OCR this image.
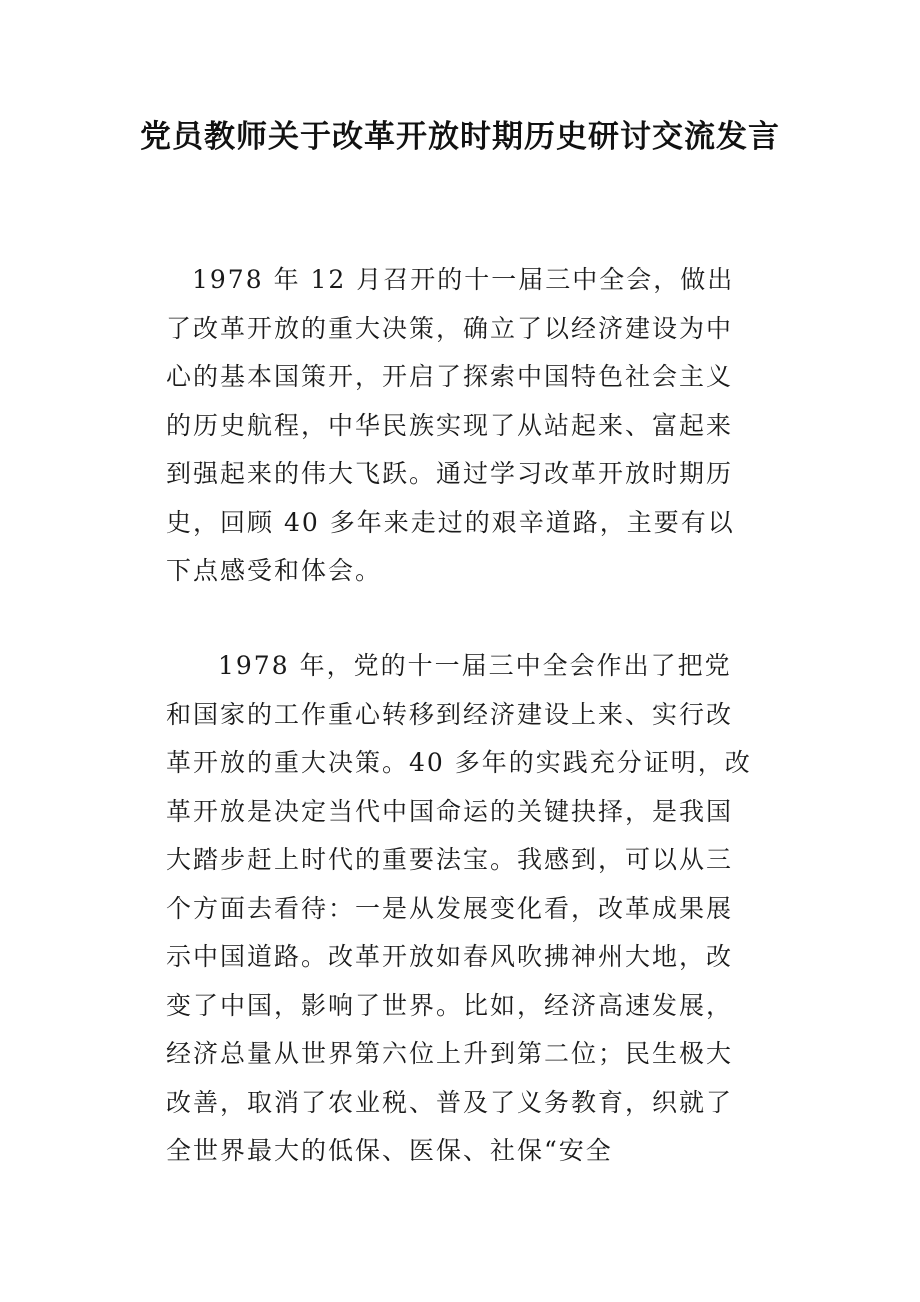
党员教师关于改革开放时期历史研讨交流发言

1978 年 12 月召开的十一届三中全会，做出了改革开放的重大决策，确立了以经济建设为中心的基本国策开，开启了探索中国特色社会主义的历史航程，中华民族实现了从站起来、富起来到强起来的伟大飞跃。通过学习改革开放时期历史，回顾 40 多年来走过的艰辛道路，主要有以下点感受和体会。

1978 年，党的十一届三中全会作出了把党和国家的工作重心转移到经济建设上来、实行改革开放的重大决策。40 多年的实践充分证明，改革开放是决定当代中国命运的关键抉择，是我国大踏步赶上时代的重要法宝。我感到，可以从三个方面去看待：一是从发展变化看，改革成果展示中国道路。改革开放如春风吹拂神州大地，改变了中国，影响了世界。比如，经济高速发展，经济总量从世界第六位上升到第二位；民生极大改善，取消了农业税、普及了义务教育，织就了全世界最大的低保、医保、社保“安全
